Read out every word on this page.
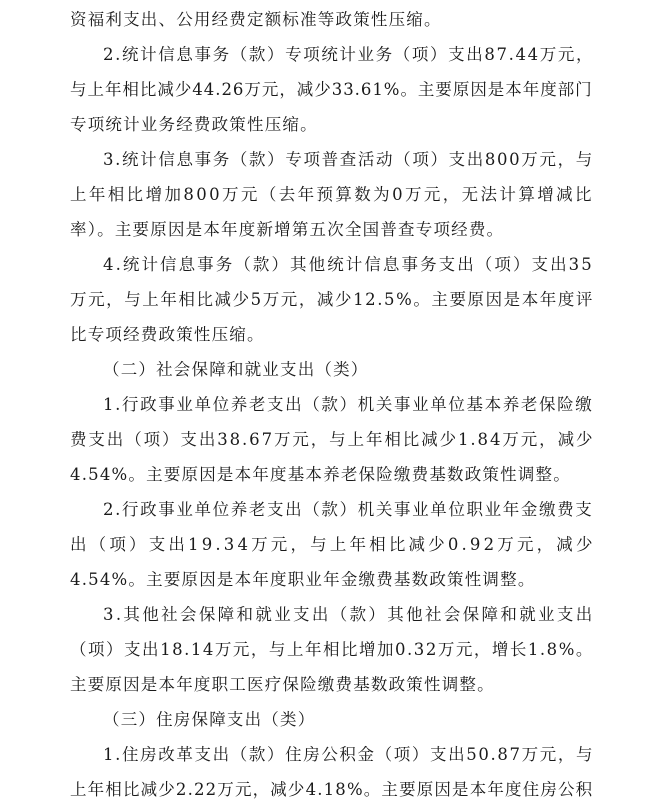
资福利支出、公用经费定额标准等政策性压缩。
2.统计信息事务（款）专项统计业务（项）支出87.44万元，
与上年相比减少44.26万元，减少33.61%。主要原因是本年度部门
专项统计业务经费政策性压缩。
3.统计信息事务（款）专项普查活动（项）支出800万元，与
上年相比增加800万元（去年预算数为0万元，无法计算增减比
率）。主要原因是本年度新增第五次全国普查专项经费。
4.统计信息事务（款）其他统计信息事务支出（项）支出35
万元，与上年相比减少5万元，减少12.5%。主要原因是本年度评
比专项经费政策性压缩。
（二）社会保障和就业支出（类）
1.行政事业单位养老支出（款）机关事业单位基本养老保险缴
费支出（项）支出38.67万元，与上年相比减少1.84万元，减少
4.54%。主要原因是本年度基本养老保险缴费基数政策性调整。
2.行政事业单位养老支出（款）机关事业单位职业年金缴费支
出（项）支出19.34万元，与上年相比减少0.92万元，减少
4.54%。主要原因是本年度职业年金缴费基数政策性调整。
3.其他社会保障和就业支出（款）其他社会保障和就业支出
（项）支出18.14万元，与上年相比增加0.32万元，增长1.8%。
主要原因是本年度职工医疗保险缴费基数政策性调整。
（三）住房保障支出（类）
1.住房改革支出（款）住房公积金（项）支出50.87万元，与
上年相比减少2.22万元，减少4.18%。主要原因是本年度住房公积
